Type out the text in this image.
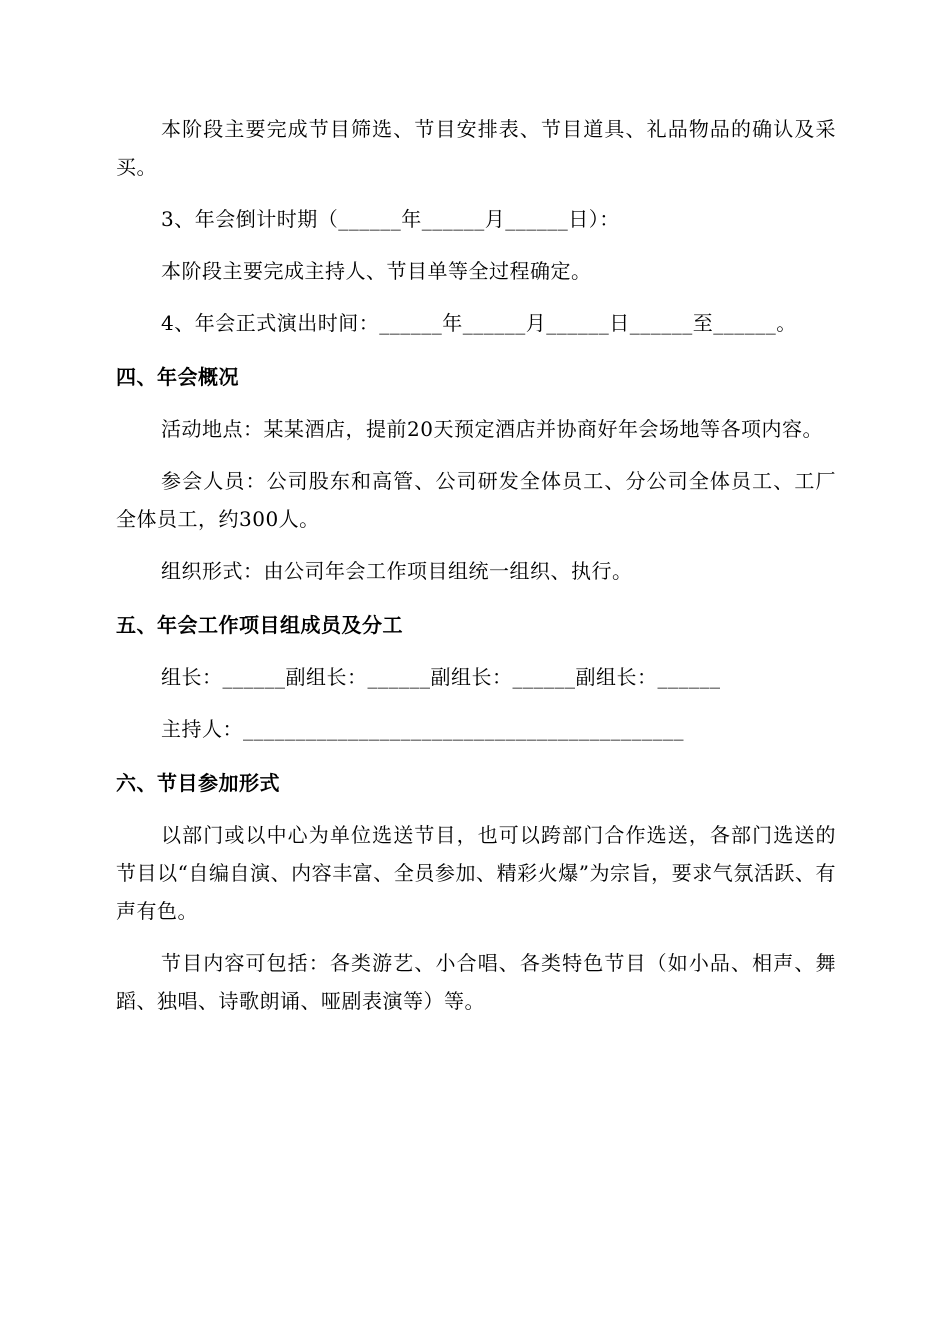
本阶段主要完成节目筛选、节目安排表、节目道具、礼品物品的确认及采买。

3、年会倒计时期（______年______月______日）：

本阶段主要完成主持人、节目单等全过程确定。

4、年会正式演出时间：______年______月______日______至______。

四、年会概况

活动地点：某某酒店，提前20天预定酒店并协商好年会场地等各项内容。

参会人员：公司股东和高管、公司研发全体员工、分公司全体员工、工厂全体员工，约300人。

组织形式：由公司年会工作项目组统一组织、执行。

五、年会工作项目组成员及分工

组长：______副组长：______副组长：______副组长：______

主持人：__________________________________________

六、节目参加形式

以部门或以中心为单位选送节目，也可以跨部门合作选送，各部门选送的节目以“自编自演、内容丰富、全员参加、精彩火爆”为宗旨，要求气氛活跃、有声有色。

节目内容可包括：各类游艺、小合唱、各类特色节目（如小品、相声、舞蹈、独唱、诗歌朗诵、哑剧表演等）等。
